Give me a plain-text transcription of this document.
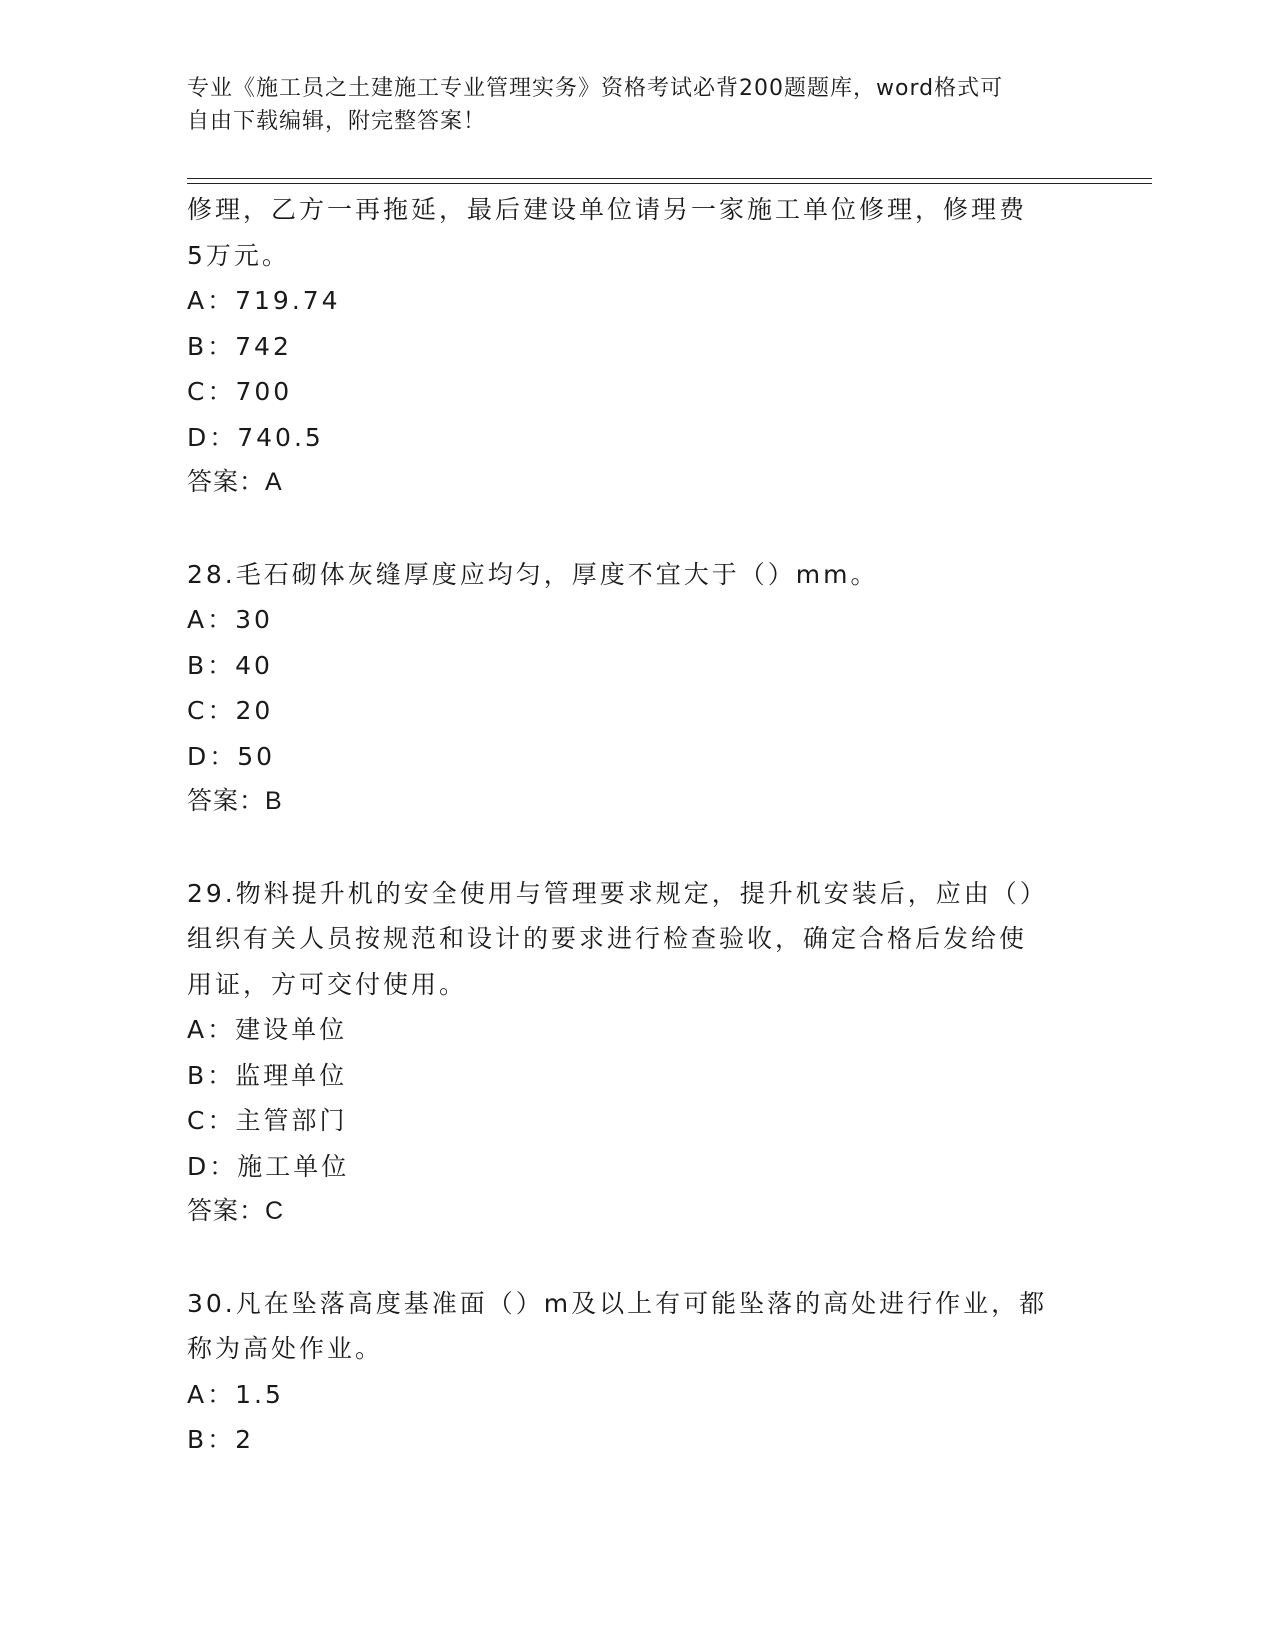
专业《施工员之土建施工专业管理实务》资格考试必背200题题库，word格式可
自由下载编辑，附完整答案！
修理，乙方一再拖延，最后建设单位请另一家施工单位修理，修理费
5万元。
A：719.74
B：742
C：700
D：740.5
答案：A
28.毛石砌体灰缝厚度应均匀，厚度不宜大于（）mm。
A：30
B：40
C：20
D：50
答案：B
29.物料提升机的安全使用与管理要求规定，提升机安装后，应由（）
组织有关人员按规范和设计的要求进行检查验收，确定合格后发给使
用证，方可交付使用。
A：建设单位
B：监理单位
C：主管部门
D：施工单位
答案：C
30.凡在坠落高度基准面（）m及以上有可能坠落的高处进行作业，都
称为高处作业。
A：1.5
B：2
